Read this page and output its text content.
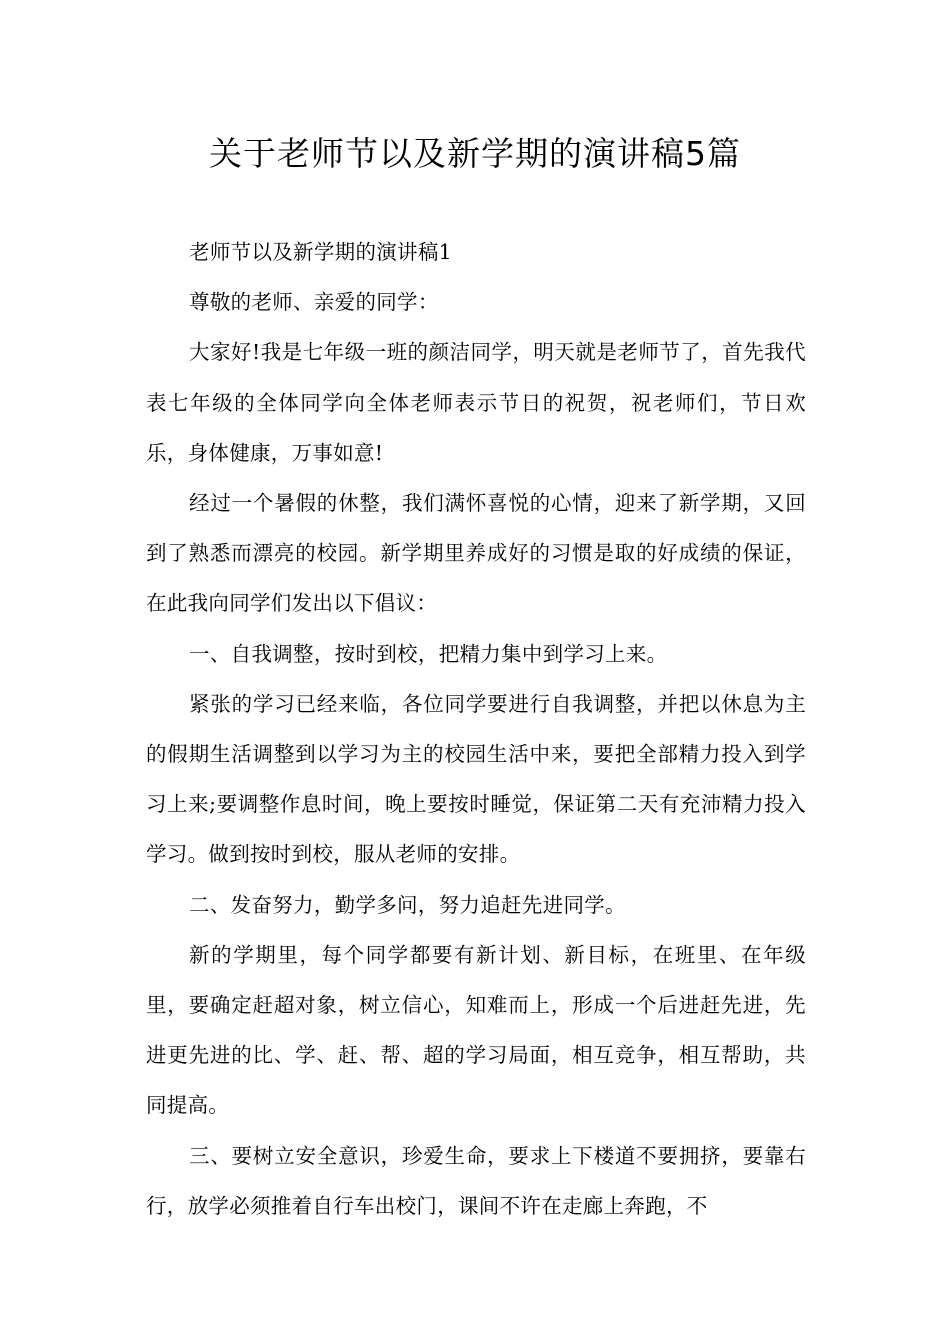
关于老师节以及新学期的演讲稿5篇

老师节以及新学期的演讲稿1

尊敬的老师、亲爱的同学：

大家好!我是七年级一班的颜洁同学，明天就是老师节了，首先我代表七年级的全体同学向全体老师表示节日的祝贺，祝老师们，节日欢乐，身体健康，万事如意!

经过一个暑假的休整，我们满怀喜悦的心情，迎来了新学期，又回到了熟悉而漂亮的校园。新学期里养成好的习惯是取的好成绩的保证，在此我向同学们发出以下倡议：

一、自我调整，按时到校，把精力集中到学习上来。

紧张的学习已经来临，各位同学要进行自我调整，并把以休息为主的假期生活调整到以学习为主的校园生活中来，要把全部精力投入到学习上来;要调整作息时间，晚上要按时睡觉，保证第二天有充沛精力投入学习。做到按时到校，服从老师的安排。

二、发奋努力，勤学多问，努力追赶先进同学。

新的学期里，每个同学都要有新计划、新目标，在班里、在年级里，要确定赶超对象，树立信心，知难而上，形成一个后进赶先进，先进更先进的比、学、赶、帮、超的学习局面，相互竞争，相互帮助，共同提高。

三、要树立安全意识，珍爱生命，要求上下楼道不要拥挤，要靠右行，放学必须推着自行车出校门，课间不许在走廊上奔跑，不
